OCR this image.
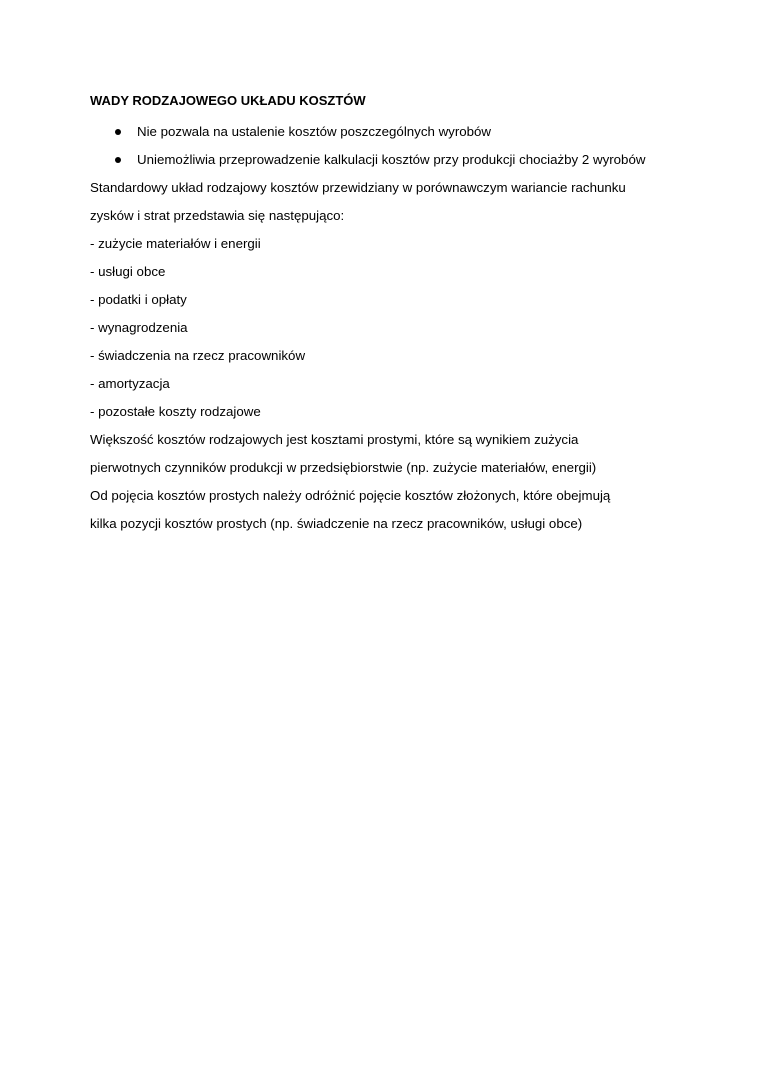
WADY RODZAJOWEGO UKŁADU KOSZTÓW

Nie pozwala na ustalenie kosztów poszczególnych wyrobów
Uniemożliwia przeprowadzenie kalkulacji kosztów przy produkcji chociażby 2 wyrobów

Standardowy układ rodzajowy kosztów przewidziany w porównawczym wariancie rachunku
zysków i strat przedstawia się następująco:

- zużycie materiałów i energii

- usługi obce

- podatki i opłaty

- wynagrodzenia

- świadczenia na rzecz pracowników

- amortyzacja

- pozostałe koszty rodzajowe

Większość kosztów rodzajowych jest kosztami prostymi, które są wynikiem zużycia
pierwotnych czynników produkcji w przedsiębiorstwie (np. zużycie materiałów, energii)

Od pojęcia kosztów prostych należy odróżnić pojęcie kosztów złożonych, które obejmują
kilka pozycji kosztów prostych (np. świadczenie na rzecz pracowników, usługi obce)
